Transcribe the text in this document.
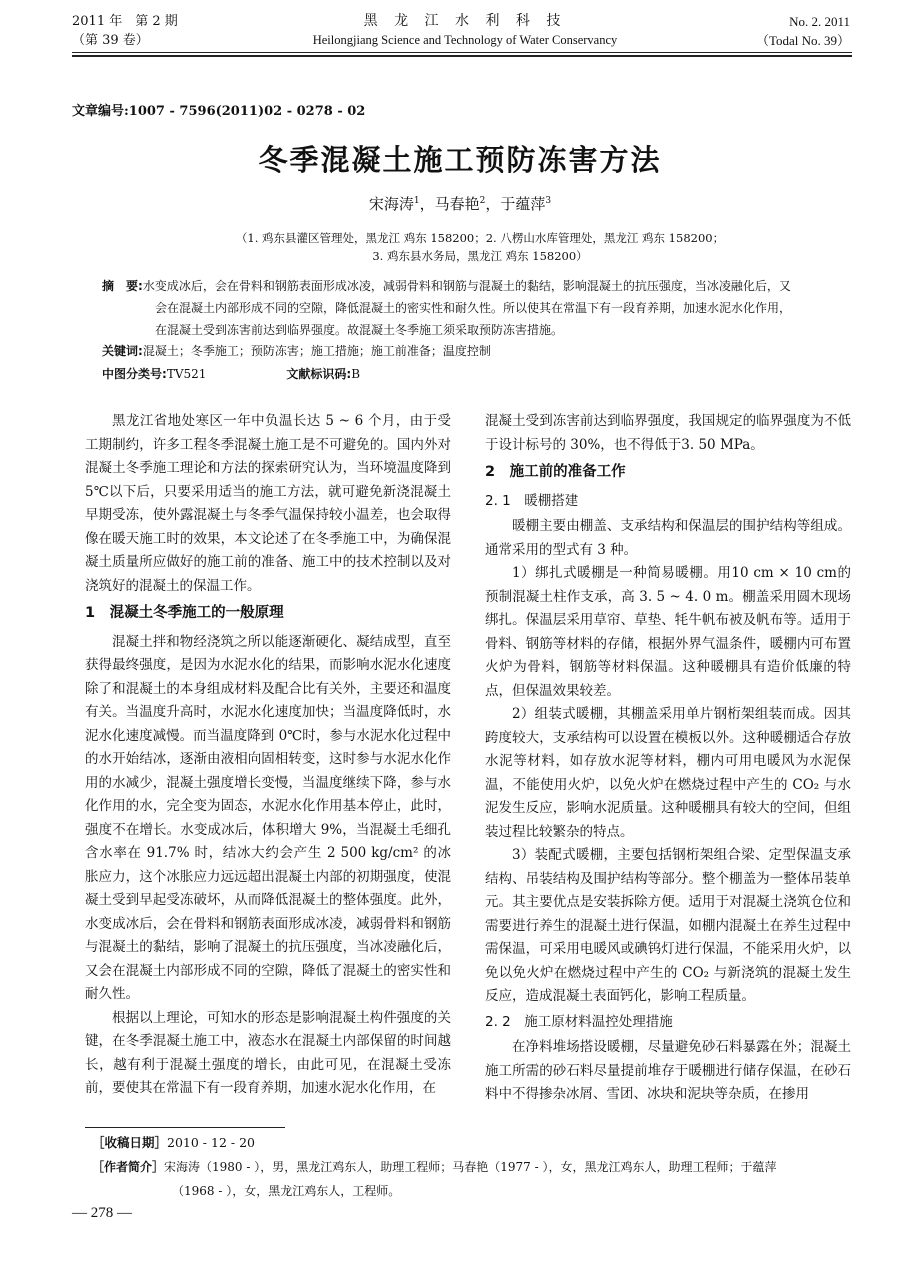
2011 年　第 2 期
（第 39 卷）
黑 龙 江 水 利 科 技
Heilongjiang Science and Technology of Water Conservancy
No. 2. 2011
（Todal No. 39）
文章编号:1007 - 7596(2011)02 - 0278 - 02
冬季混凝土施工预防冻害方法
宋海涛$^1$，马春艳$^2$，于蕴萍$^3$
（1. 鸡东县灌区管理处，黑龙江 鸡东 158200；2. 八楞山水库管理处，黑龙江 鸡东 158200；
3. 鸡东县水务局，黑龙江 鸡东 158200）
摘　要:水变成冰后，会在骨料和钢筋表面形成冰凌，减弱骨料和钢筋与混凝土的黏结，影响混凝土的抗压强度，当冰凌融化后，又
会在混凝土内部形成不同的空隙，降低混凝土的密实性和耐久性。所以使其在常温下有一段育养期，加速水泥水化作用，
在混凝土受到冻害前达到临界强度。故混凝土冬季施工须采取预防冻害措施。
关键词:混凝土；冬季施工；预防冻害；施工措施；施工前准备；温度控制
中图分类号:TV521	文献标识码:B

黑龙江省地处寒区一年中负温长达 5 ~ 6 个月，由于受工期制约，许多工程冬季混凝土施工是不可避免的。国内外对混凝土冬季施工理论和方法的探索研究认为，当环境温度降到 5℃以下后，只要采用适当的施工方法，就可避免新浇混凝土早期受冻，使外露混凝土与冬季气温保持较小温差，也会取得像在暖天施工时的效果，本文论述了在冬季施工中，为确保混凝土质量所应做好的施工前的准备、施工中的技术控制以及对浇筑好的混凝土的保温工作。

1　混凝土冬季施工的一般原理

混凝土拌和物经浇筑之所以能逐渐硬化、凝结成型，直至获得最终强度，是因为水泥水化的结果，而影响水泥水化速度除了和混凝土的本身组成材料及配合比有关外，主要还和温度有关。当温度升高时，水泥水化速度加快；当温度降低时，水泥水化速度减慢。而当温度降到 0℃时，参与水泥水化过程中的水开始结冰，逐渐由液相向固相转变，这时参与水泥水化作用的水减少，混凝土强度增长变慢，当温度继续下降，参与水化作用的水，完全变为固态，水泥水化作用基本停止，此时，强度不在增长。水变成冰后，体积增大 9%，当混凝土毛细孔含水率在 91.7% 时，结冰大约会产生 2 500 kg/cm² 的冰胀应力，这个冰胀应力远远超出混凝土内部的初期强度，使混凝土受到早起受冻破坏，从而降低混凝土的整体强度。此外，水变成冰后，会在骨料和钢筋表面形成冰凌，减弱骨料和钢筋与混凝土的黏结，影响了混凝土的抗压强度，当冰凌融化后，又会在混凝土内部形成不同的空隙，降低了混凝土的密实性和耐久性。

根据以上理论，可知水的形态是影响混凝土构件强度的关键，在冬季混凝土施工中，液态水在混凝土内部保留的时间越长，越有利于混凝土强度的增长，由此可见，在混凝土受冻前，要使其在常温下有一段育养期，加速水泥水化作用，在

混凝土受到冻害前达到临界强度，我国规定的临界强度为不低于设计标号的 30%，也不得低于3. 50 MPa。

2　施工前的准备工作
2. 1　暖棚搭建

暖棚主要由棚盖、支承结构和保温层的围护结构等组成。通常采用的型式有 3 种。

1）绑扎式暖棚是一种简易暖棚。用10 cm × 10 cm的预制混凝土柱作支承，高 3. 5 ~ 4. 0 m。棚盖采用圆木现场绑扎。保温层采用草帘、草垫、牦牛帆布被及帆布等。适用于骨料、钢筋等材料的存储，根据外界气温条件，暖棚内可布置火炉为骨料，钢筋等材料保温。这种暖棚具有造价低廉的特点，但保温效果较差。

2）组装式暖棚，其棚盖采用单片钢桁架组装而成。因其跨度较大，支承结构可以设置在模板以外。这种暖棚适合存放水泥等材料，如存放水泥等材料，棚内可用电暖风为水泥保温，不能使用火炉，以免火炉在燃烧过程中产生的 CO₂ 与水泥发生反应，影响水泥质量。这种暖棚具有较大的空间，但组装过程比较繁杂的特点。

3）装配式暖棚，主要包括钢桁架组合梁、定型保温支承结构、吊装结构及围护结构等部分。整个棚盖为一整体吊装单元。其主要优点是安装拆除方便。适用于对混凝土浇筑仓位和需要进行养生的混凝土进行保温，如棚内混凝土在养生过程中需保温，可采用电暖风或碘钨灯进行保温，不能采用火炉，以免以免火炉在燃烧过程中产生的 CO₂ 与新浇筑的混凝土发生反应，造成混凝土表面钙化，影响工程质量。

2. 2　施工原材料温控处理措施

在净料堆场搭设暖棚，尽量避免砂石料暴露在外；混凝土施工所需的砂石料尽量提前堆存于暖棚进行储存保温，在砂石料中不得掺杂冰屑、雪团、冰块和泥块等杂质，在掺用

［收稿日期］2010 - 12 - 20
［作者简介］宋海涛（1980 - ），男，黑龙江鸡东人，助理工程师；马春艳（1977 - ），女，黑龙江鸡东人，助理工程师；于蕴萍
（1968 - ），女，黑龙江鸡东人，工程师。
— 278 —
